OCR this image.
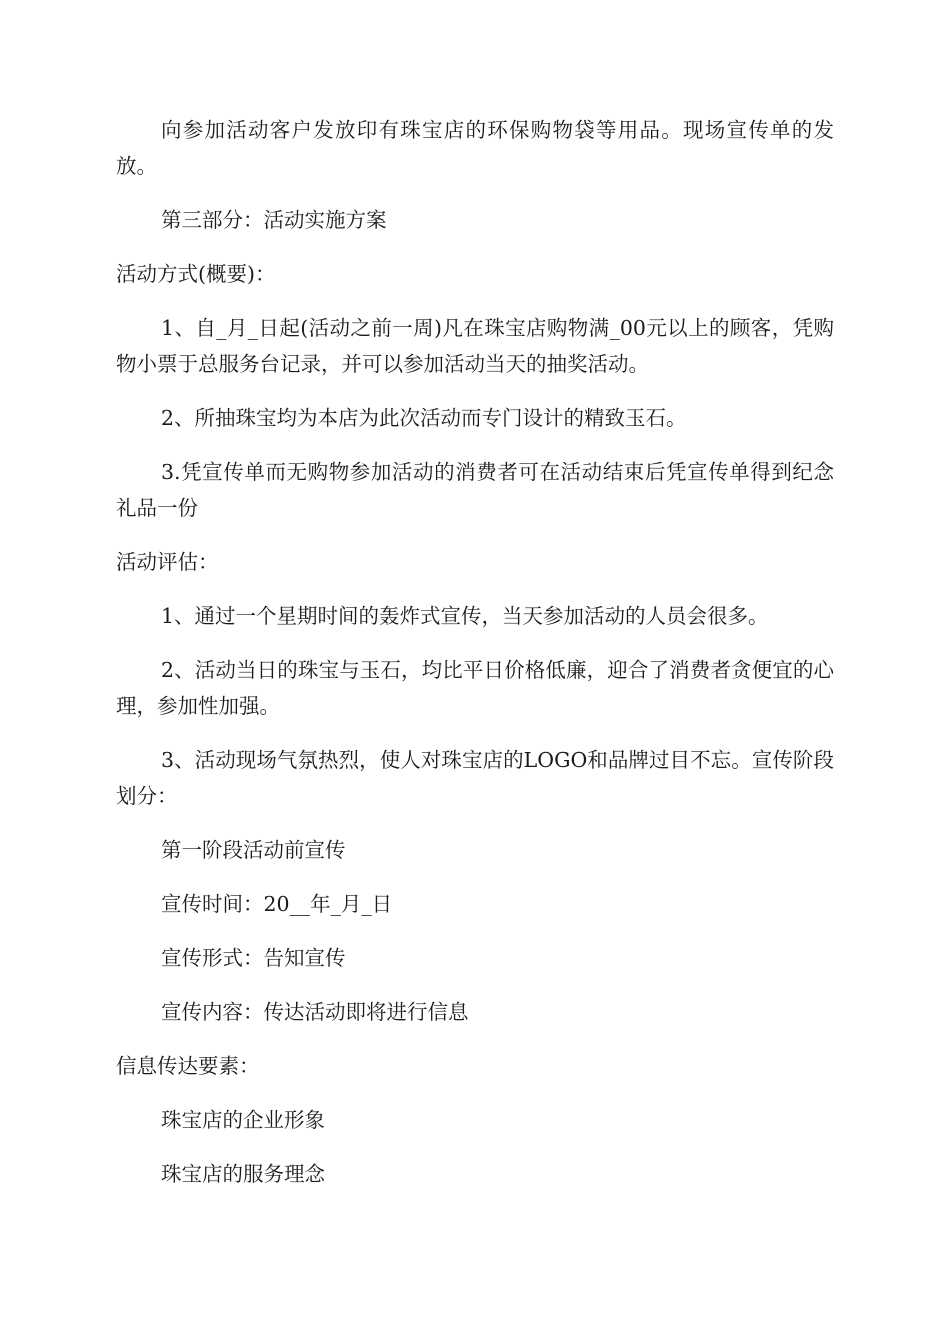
向参加活动客户发放印有珠宝店的环保购物袋等用品。现场宣传单的发放。

第三部分：活动实施方案

活动方式(概要)：

1、自_月_日起(活动之前一周)凡在珠宝店购物满_00元以上的顾客，凭购物小票于总服务台记录，并可以参加活动当天的抽奖活动。

2、所抽珠宝均为本店为此次活动而专门设计的精致玉石。

3.凭宣传单而无购物参加活动的消费者可在活动结束后凭宣传单得到纪念礼品一份

活动评估：

1、通过一个星期时间的轰炸式宣传，当天参加活动的人员会很多。

2、活动当日的珠宝与玉石，均比平日价格低廉，迎合了消费者贪便宜的心理，参加性加强。

3、活动现场气氛热烈，使人对珠宝店的LOGO和品牌过目不忘。宣传阶段划分：

第一阶段活动前宣传

宣传时间：20__年_月_日

宣传形式：告知宣传

宣传内容：传达活动即将进行信息

信息传达要素：

珠宝店的企业形象

珠宝店的服务理念
